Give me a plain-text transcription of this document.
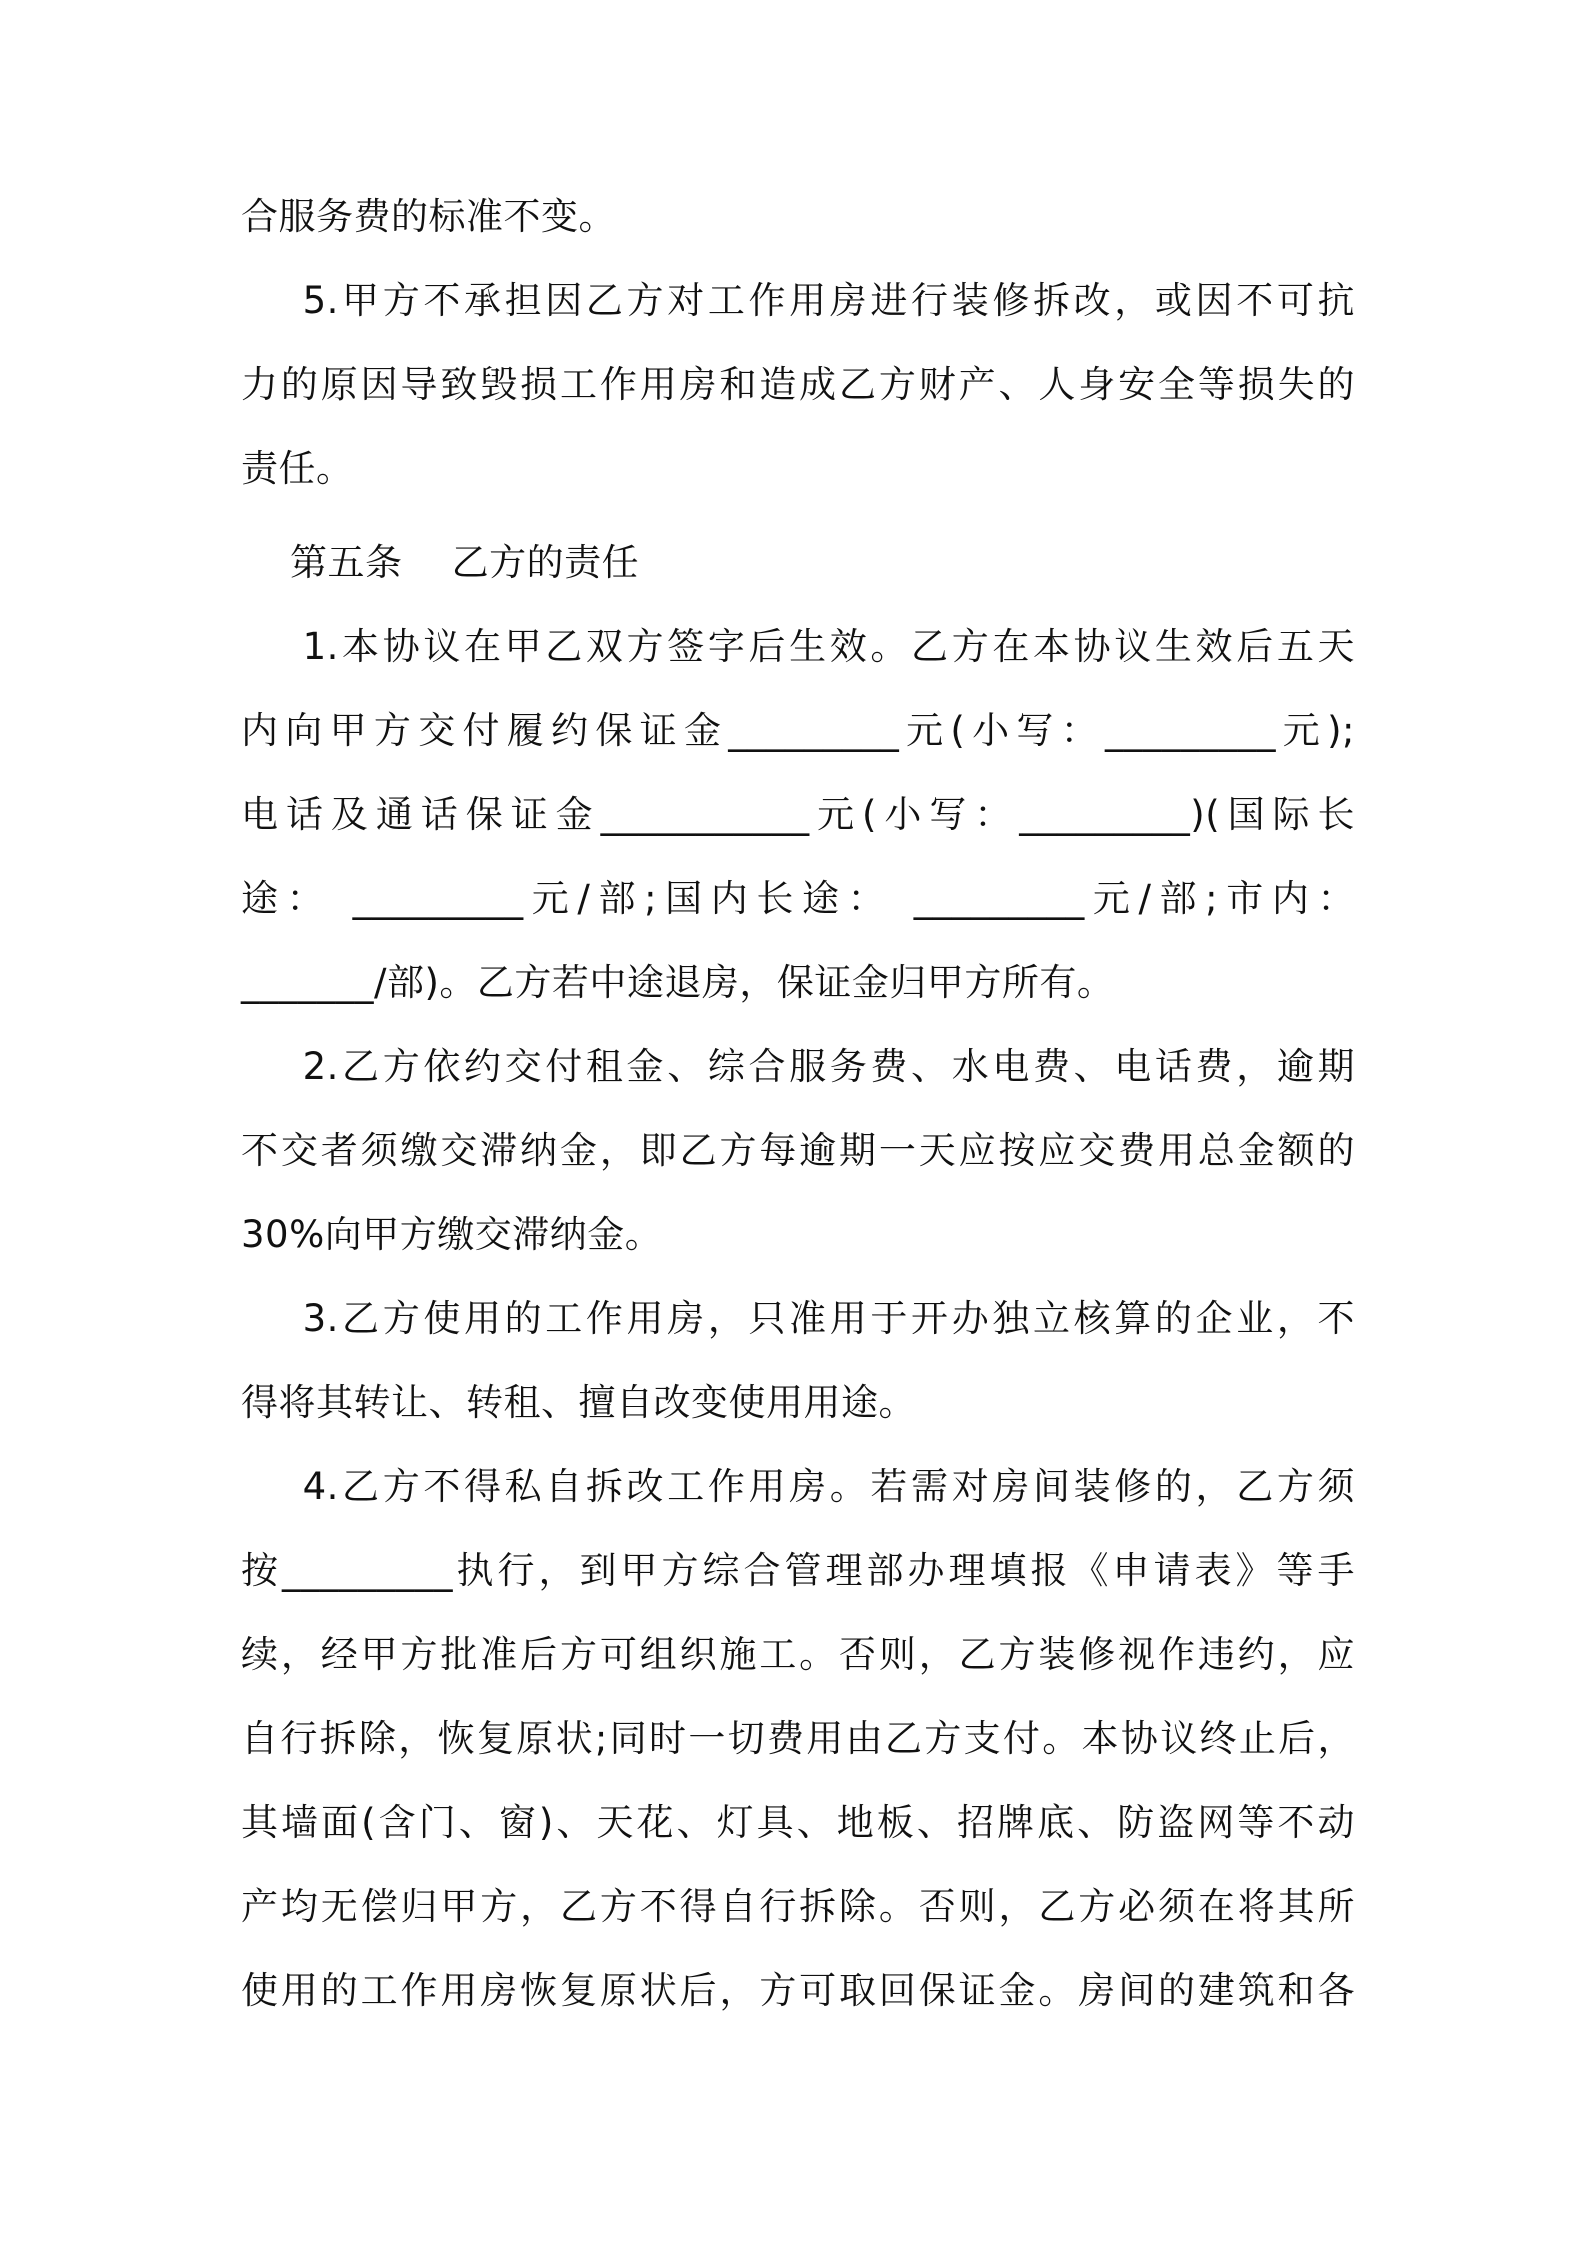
合服务费的标准不变。
5.甲方不承担因乙方对工作用房进行装修拆改，或因不可抗
力的原因导致毁损工作用房和造成乙方财产、人身安全等损失的
责任。
第五条    乙方的责任
1.本协议在甲乙双方签字后生效。乙方在本协议生效后五天
内向甲方交付履约保证金_________元(小写：_________元);
电话及通话保证金___________元(小写：_________)(国际长
途： _________元/部;国内长途： _________元/部;市内：
_______/部)。乙方若中途退房，保证金归甲方所有。
2.乙方依约交付租金、综合服务费、水电费、电话费，逾期
不交者须缴交滞纳金，即乙方每逾期一天应按应交费用总金额的
30%向甲方缴交滞纳金。
3.乙方使用的工作用房，只准用于开办独立核算的企业，不
得将其转让、转租、擅自改变使用用途。
4.乙方不得私自拆改工作用房。若需对房间装修的，乙方须
按_________执行，到甲方综合管理部办理填报《申请表》等手
续，经甲方批准后方可组织施工。否则，乙方装修视作违约，应
自行拆除，恢复原状;同时一切费用由乙方支付。本协议终止后，
其墙面(含门、窗)、天花、灯具、地板、招牌底、防盗网等不动
产均无偿归甲方，乙方不得自行拆除。否则，乙方必须在将其所
使用的工作用房恢复原状后，方可取回保证金。房间的建筑和各
